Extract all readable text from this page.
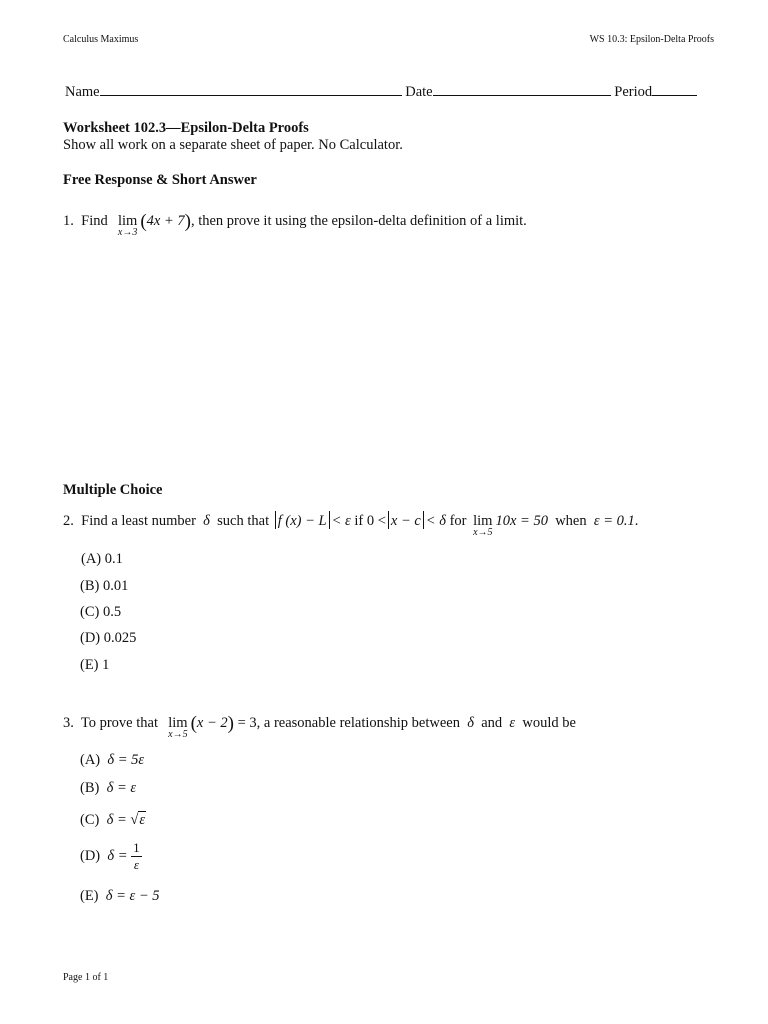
Calculus Maximus	WS 10.3: Epsilon-Delta Proofs
Name	Date	Period
Worksheet 102.3—Epsilon-Delta Proofs
Show all work on a separate sheet of paper. No Calculator.
Free Response & Short Answer
1. Find lim
x→3
(4x + 7), then prove it using the epsilon-delta definition of a limit.
Multiple Choice
2. Find a least number δ such that f (x) − L < ε if 0 < x − c < δ for lim
x→5
10x = 50 when ε = 0.1.
(A) 0.1
(B) 0.01
(C) 0.5
(D) 0.025
(E) 1
3. To prove that lim
x→5
(x − 2) = 3, a reasonable relationship between δ and ε would be
(A) δ = 5ε
(B) δ = ε
(C) δ = √ε
(D) $\delta = \frac{1}{\varepsilon}$
(E) δ = ε − 5
Page 1 of 1
